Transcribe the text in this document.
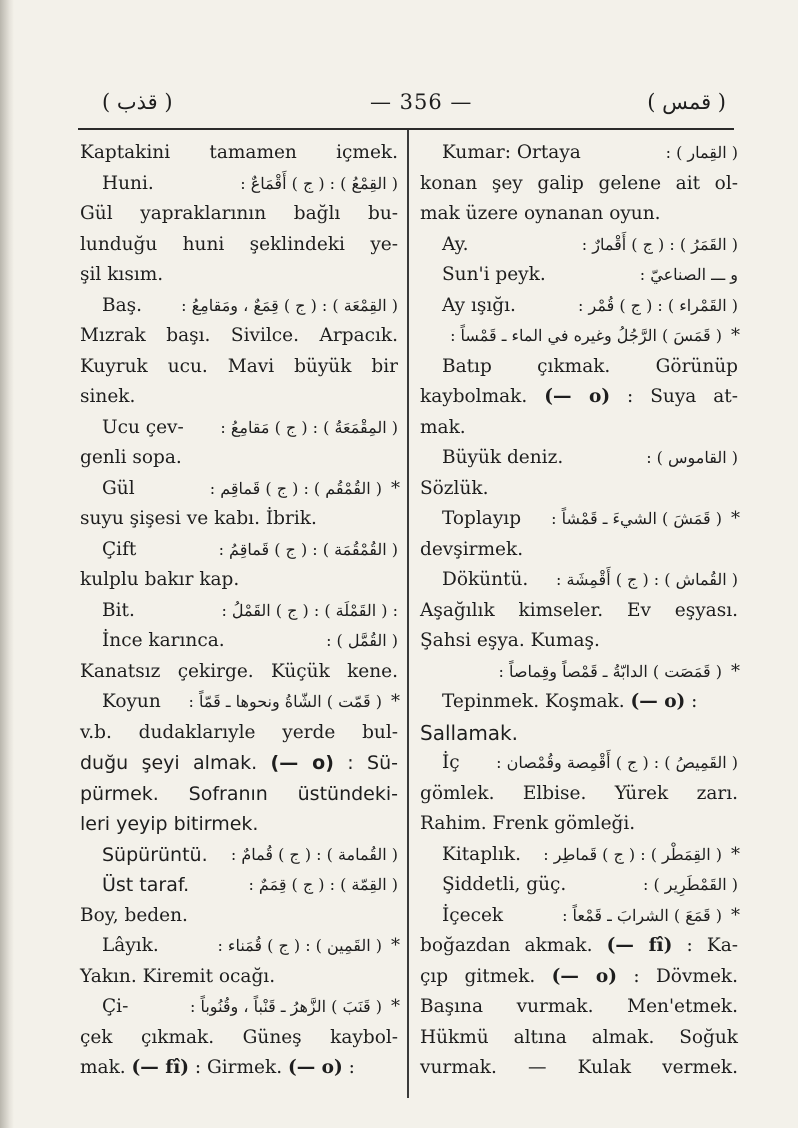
( قذب )	— 356 —	( قمس )
Kaptakini tamamen içmek.
Huni.	( القِمْعُ ) : ( ج ) أَقْمَاعٌ :
Gül yapraklarının bağlı bu-
lunduğu huni şeklindeki ye-
şil kısım.
Baş. ( القِمْعَة ) : ( ج ) قِمَعٌ ، ومَقامِعُ :
Mızrak başı. Sivilce. Arpacık.
Kuyruk ucu. Mavi büyük bir
sinek.
Ucu çev- ( المِقْمَعَةُ ) : ( ج ) مَقامِعُ :
genli sopa.
Gül	( القُمْقُم ) : ( ج ) قَماقِم : *
suyu şişesi ve kabı. İbrik.
Çift	( القُمْقُمَة ) : ( ج ) قَماقِمُ :
kulplu bakır kap.
Bit.	: ( القَمْلَة ) : ( ج ) القَمْلُ :
İnce karınca.	( القُمَّل ) :
Kanatsız çekirge. Küçük kene.
Koyun ( قَمّت ) الشّاةُ ونحوها ـ قَمّاً : *
v.b. dudaklarıyle yerde bul-
duğu şeyi almak. (— o) : Sü-
pürmek. Sofranın üstündeki-
leri yeyip bitirmek.
Süpürüntü. ( القُمامة ) : ( ج ) قُمامٌ :
Üst taraf.	( القِمّة ) : ( ج ) قِمَمٌ :
Boy, beden.
Lâyık.	( القَمِين ) : ( ج ) قُمَناء : *
Yakın. Kiremit ocağı.
Çi-	( قَنَبَ ) الزَّهرُ ـ قَنْباً ، وقُنُوباً : *
çek çıkmak. Güneş kaybol-
mak. (— fî) : Girmek. (— o) :
Kumar: Ortaya	( القِمار ) :
konan şey galip gelene ait ol-
mak üzere oynanan oyun.
Ay.	( القَمَرُ ) : ( ج ) أَقْمارٌ :
Sun'i peyk.	و ـــ الصناعيّ :
Ay ışığı.	( القَمْراء ) : ( ج ) قُمْر :
( قَمَسَ ) الرَّجُلُ وغيره في الماء ـ قَمْساً : *
Batıp çıkmak. Görünüp
kaybolmak. (— o) : Suya at-
mak.
Büyük deniz.	( القاموس ) :
Sözlük.
Toplayıp ( قَمَشَ ) الشيءَ ـ قَمْشاً : *
devşirmek.
Döküntü. ( القُماش ) : ( ج ) أَقْمِشَة :
Aşağılık kimseler. Ev eşyası.
Şahsi eşya. Kumaş.
( قَمَصَت ) الدابّةُ ـ قَمْصاً وقِماصاً : *
Tepinmek. Koşmak. (— o) :
Sallamak.
İç ( القَمِيصُ ) : ( ج ) أَقْمِصة وقُمْصان :
gömlek. Elbise. Yürek zarı.
Rahim. Frenk gömleği.
Kitaplık. ( القِمَطْر ) : ( ج ) قَماطِر : *
Şiddetli, güç.	( القَمْطَرِير ) :
İçecek	( قَمَعَ ) الشرابَ ـ قَمْعاً : *
boğazdan akmak. (— fî) : Ka-
çıp gitmek. (— o) : Dövmek.
Başına vurmak. Men'etmek.
Hükmü altına almak. Soğuk
vurmak. — Kulak vermek.
